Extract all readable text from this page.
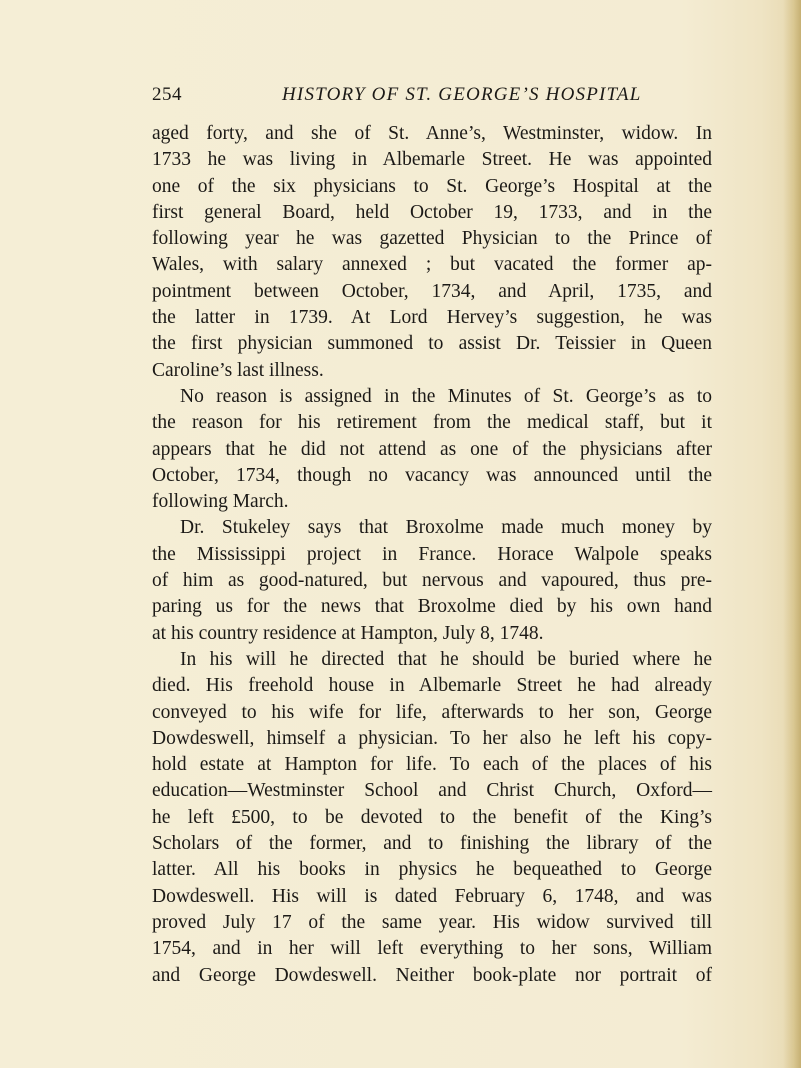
254	HISTORY OF ST. GEORGE’S HOSPITAL

aged forty, and she of St. Anne’s, Westminster, widow. In

1733 he was living in Albemarle Street. He was appointed

one of the six physicians to St. George’s Hospital at the

first general Board, held October 19, 1733, and in the

following year he was gazetted Physician to the Prince of

Wales, with salary annexed ; but vacated the former ap-

pointment between October, 1734, and April, 1735, and

the latter in 1739. At Lord Hervey’s suggestion, he was

the first physician summoned to assist Dr. Teissier in Queen

Caroline’s last illness.

No reason is assigned in the Minutes of St. George’s as to

the reason for his retirement from the medical staff, but it

appears that he did not attend as one of the physicians after

October, 1734, though no vacancy was announced until the

following March.

Dr. Stukeley says that Broxolme made much money by

the Mississippi project in France. Horace Walpole speaks

of him as good-natured, but nervous and vapoured, thus pre-

paring us for the news that Broxolme died by his own hand

at his country residence at Hampton, July 8, 1748.

In his will he directed that he should be buried where he

died. His freehold house in Albemarle Street he had already

conveyed to his wife for life, afterwards to her son, George

Dowdeswell, himself a physician. To her also he left his copy-

hold estate at Hampton for life. To each of the places of his

education—Westminster School and Christ Church, Oxford—

he left £500, to be devoted to the benefit of the King’s

Scholars of the former, and to finishing the library of the

latter. All his books in physics he bequeathed to George

Dowdeswell. His will is dated February 6, 1748, and was

proved July 17 of the same year. His widow survived till

1754, and in her will left everything to her sons, William

and George Dowdeswell. Neither book-plate nor portrait of
